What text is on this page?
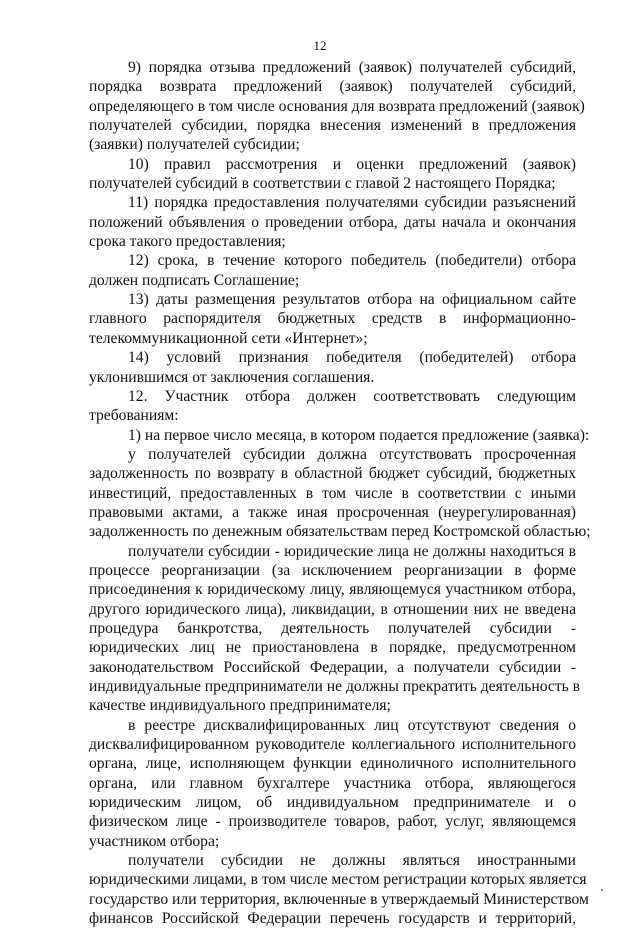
12
9) порядка отзыва предложений (заявок) получателей субсидий,
порядка возврата предложений (заявок) получателей субсидий,
определяющего в том числе основания для возврата предложений (заявок)
получателей субсидии, порядка внесения изменений в предложения
(заявки) получателей субсидии;
10) правил рассмотрения и оценки предложений (заявок)
получателей субсидий в соответствии с главой 2 настоящего Порядка;
11) порядка предоставления получателями субсидии разъяснений
положений объявления о проведении отбора, даты начала и окончания
срока такого предоставления;
12) срока, в течение которого победитель (победители) отбора
должен подписать Соглашение;
13) даты размещения результатов отбора на официальном сайте
главного распорядителя бюджетных средств в информационно-
телекоммуникационной сети «Интернет»;
14) условий признания победителя (победителей) отбора
уклонившимся от заключения соглашения.
12. Участник отбора должен соответствовать следующим
требованиям:
1) на первое число месяца, в котором подается предложение (заявка):
у получателей субсидии должна отсутствовать просроченная
задолженность по возврату в областной бюджет субсидий, бюджетных
инвестиций, предоставленных в том числе в соответствии с иными
правовыми актами, а также иная просроченная (неурегулированная)
задолженность по денежным обязательствам перед Костромской областью;
получатели субсидии - юридические лица не должны находиться в
процессе реорганизации (за исключением реорганизации в форме
присоединения к юридическому лицу, являющемуся участником отбора,
другого юридического лица), ликвидации, в отношении них не введена
процедура банкротства, деятельность получателей субсидии -
юридических лиц не приостановлена в порядке, предусмотренном
законодательством Российской Федерации, а получатели субсидии -
индивидуальные предприниматели не должны прекратить деятельность в
качестве индивидуального предпринимателя;
в реестре дисквалифицированных лиц отсутствуют сведения о
дисквалифицированном руководителе коллегиального исполнительного
органа, лице, исполняющем функции единоличного исполнительного
органа, или главном бухгалтере участника отбора, являющегося
юридическим лицом, об индивидуальном предпринимателе и о
физическом лице - производителе товаров, работ, услуг, являющемся
участником отбора;
получатели субсидии не должны являться иностранными
юридическими лицами, в том числе местом регистрации которых является
государство или территория, включенные в утверждаемый Министерством
финансов Российской Федерации перечень государств и территорий,
